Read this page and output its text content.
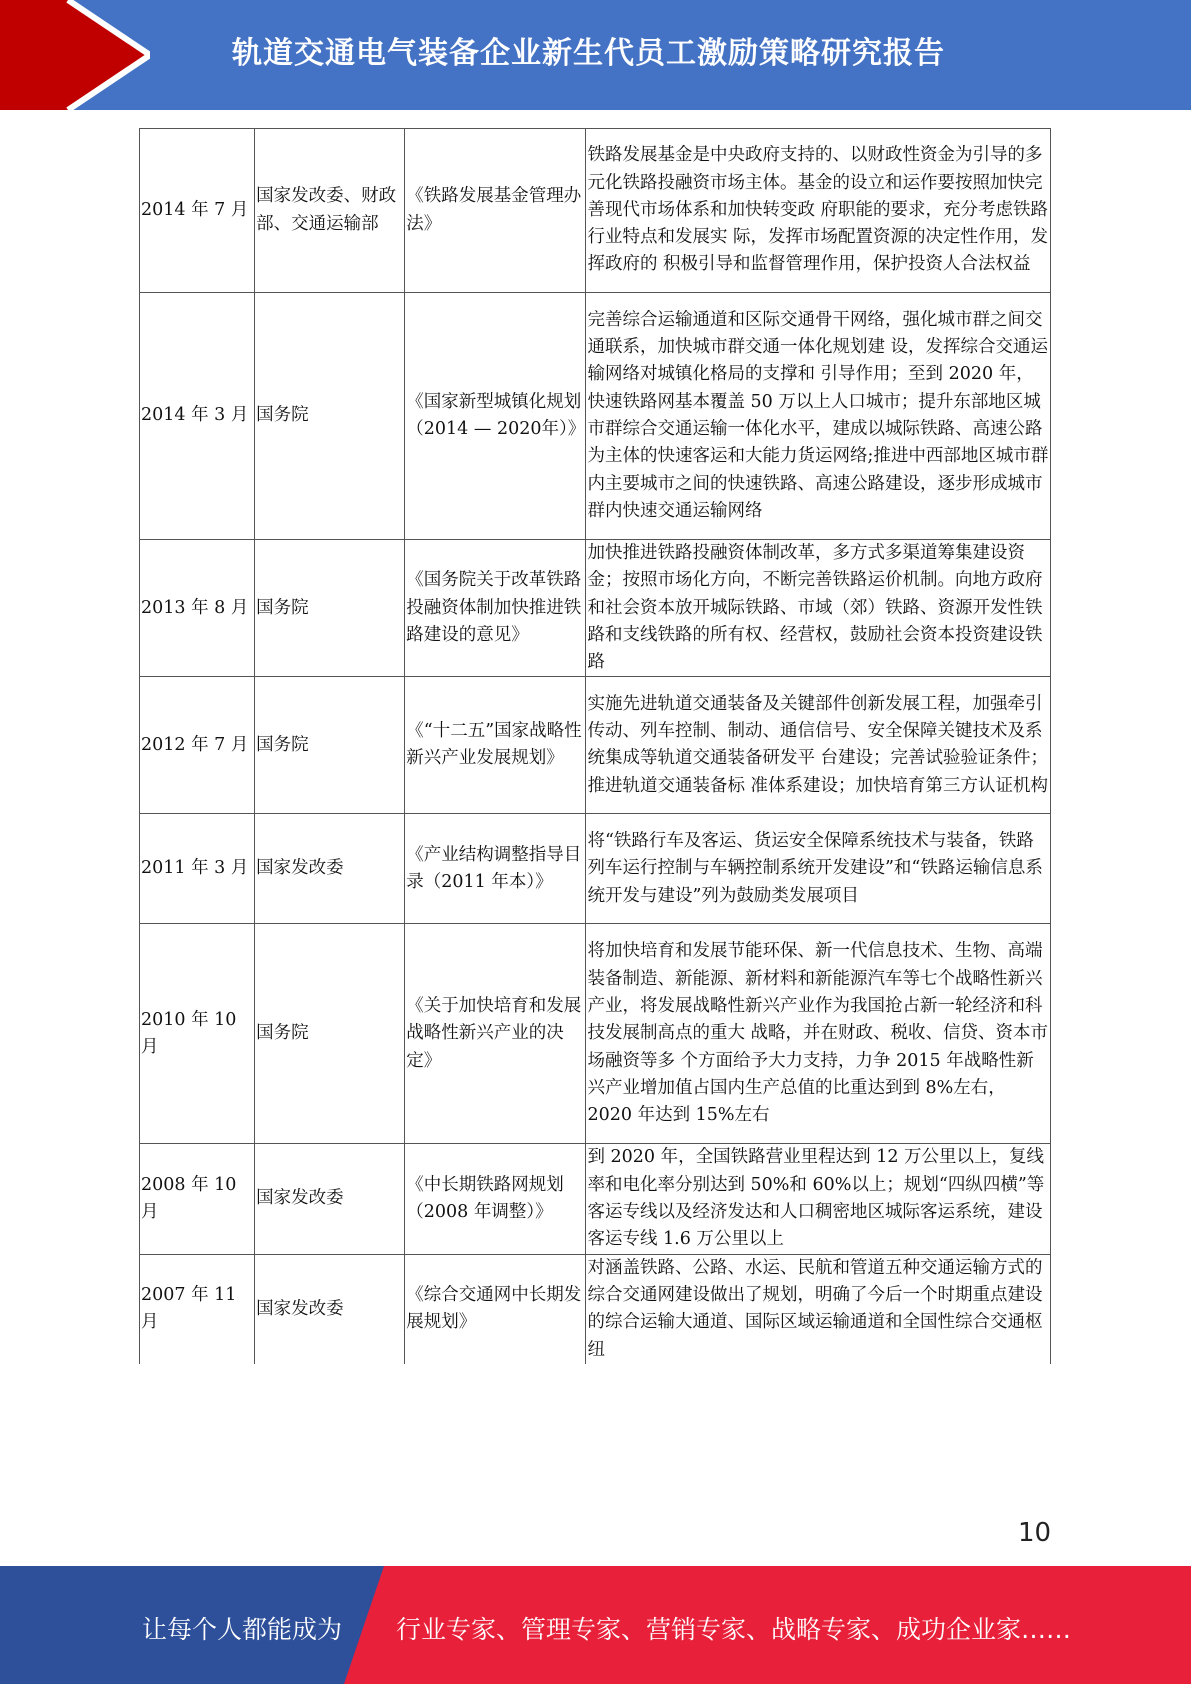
轨道交通电气装备企业新生代员工激励策略研究报告
2014 年 7 月	国家发改委、财政部、交通运输部	《铁路发展基金管理办法》	铁路发展基金是中央政府支持的、以财政性资金为引导的多元化铁路投融资市场主体。基金的设立和运作要按照加快完善现代市场体系和加快转变政 府职能的要求，充分考虑铁路行业特点和发展实 际，发挥市场配置资源的决定性作用，发挥政府的 积极引导和监督管理作用，保护投资人合法权益
2014 年 3 月	国务院	《国家新型城镇化规划（2014 — 2020年）》	完善综合运输通道和区际交通骨干网络，强化城市群之间交通联系，加快城市群交通一体化规划建 设，发挥综合交通运输网络对城镇化格局的支撑和 引导作用；至到 2020 年，快速铁路网基本覆盖 50 万以上人口城市；提升东部地区城市群综合交通运输一体化水平，建成以城际铁路、高速公路为主体的快速客运和大能力货运网络;推进中西部地区城市群内主要城市之间的快速铁路、高速公路建设，逐步形成城市群内快速交通运输网络
2013 年 8 月	国务院	《国务院关于改革铁路投融资体制加快推进铁路建设的意见》	加快推进铁路投融资体制改革，多方式多渠道筹集建设资金；按照市场化方向，不断完善铁路运价机制。向地方政府和社会资本放开城际铁路、市域（郊）铁路、资源开发性铁路和支线铁路的所有权、经营权，鼓励社会资本投资建设铁路
2012 年 7 月	国务院	《“十二五”国家战略性新兴产业发展规划》	实施先进轨道交通装备及关键部件创新发展工程，加强牵引传动、列车控制、制动、通信信号、安全保障关键技术及系统集成等轨道交通装备研发平 台建设；完善试验验证条件；推进轨道交通装备标 准体系建设；加快培育第三方认证机构
2011 年 3 月	国家发改委	《产业结构调整指导目录（2011 年本）》	将“铁路行车及客运、货运安全保障系统技术与装备，铁路列车运行控制与车辆控制系统开发建设”和“铁路运输信息系统开发与建设”列为鼓励类发展项目
2010 年 10 月	国务院	《关于加快培育和发展战略性新兴产业的决定》	将加快培育和发展节能环保、新一代信息技术、生物、高端装备制造、新能源、新材料和新能源汽车等七个战略性新兴产业，将发展战略性新兴产业作为我国抢占新一轮经济和科技发展制高点的重大 战略，并在财政、税收、信贷、资本市场融资等多 个方面给予大力支持，力争 2015 年战略性新兴产业增加值占国内生产总值的比重达到到 8%左右，2020 年达到 15%左右
2008 年 10 月	国家发改委	《中长期铁路网规划（2008 年调整）》	到 2020 年，全国铁路营业里程达到 12 万公里以上，复线率和电化率分别达到 50%和 60%以上；规划“四纵四横”等客运专线以及经济发达和人口稠密地区城际客运系统，建设客运专线 1.6 万公里以上
2007 年 11 月	国家发改委	《综合交通网中长期发展规划》	对涵盖铁路、公路、水运、民航和管道五种交通运输方式的综合交通网建设做出了规划，明确了今后一个时期重点建设的综合运输大通道、国际区域运输通道和全国性综合交通枢纽
10
让每个人都能成为 行业专家、管理专家、营销专家、战略专家、成功企业家……
